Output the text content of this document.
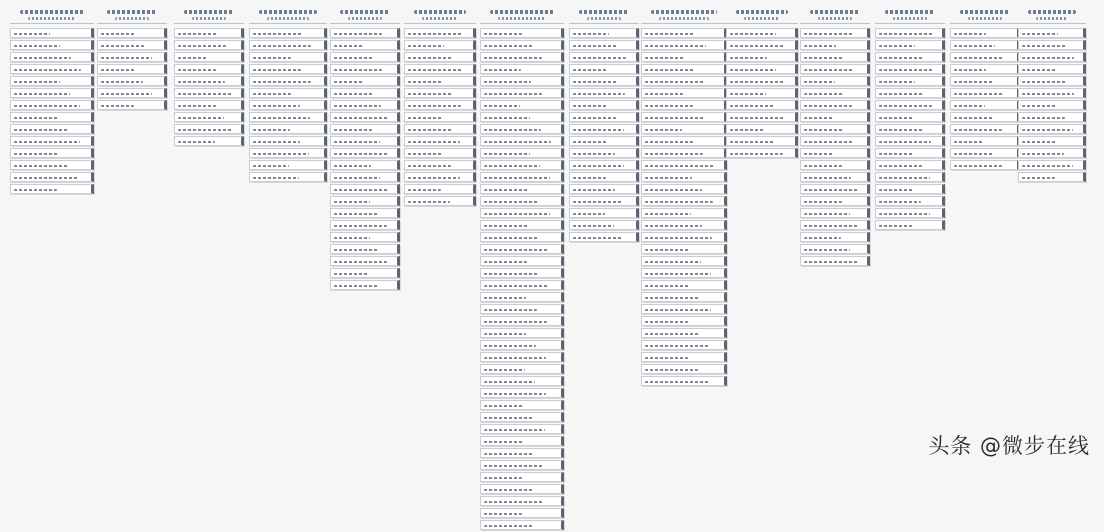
头条 @微步在线
